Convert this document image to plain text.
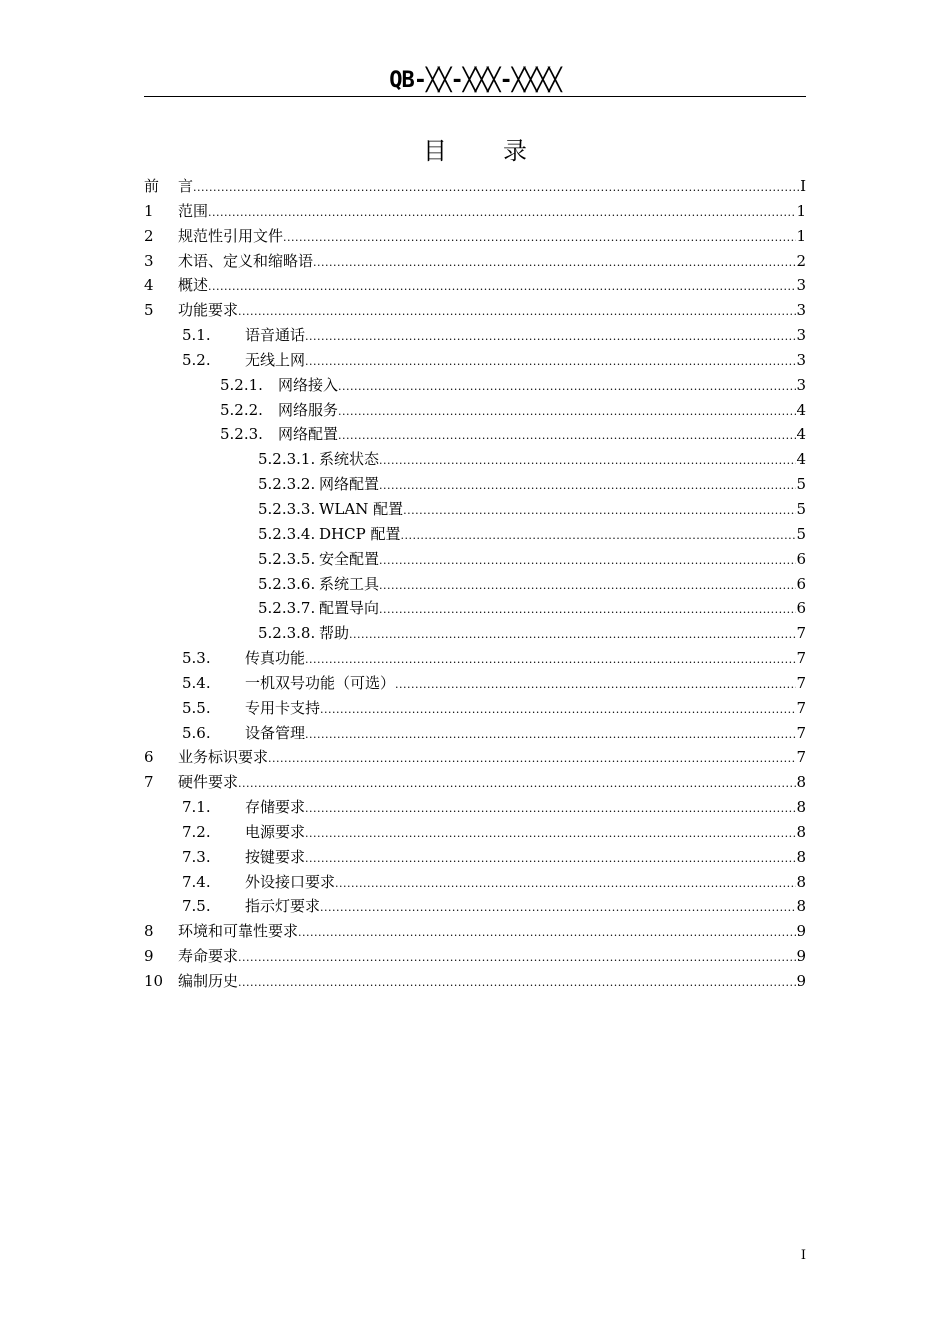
QB-╳╳-╳╳╳-╳╳╳╳
目 录
前	言 .....	I
1	范围 .....	1
2	规范性引用文件 .....	1
3	术语、定义和缩略语 .....	2
4	概述 .....	3
5	功能要求 .....	3
5.1.	语音通话 .....	3
5.2.	无线上网 .....	3
5.2.1.	网络接入 .....	3
5.2.2.	网络服务 .....	4
5.2.3.	网络配置 .....	4
5.2.3.1. 系统状态 .....	4
5.2.3.2. 网络配置 .....	5
5.2.3.3. WLAN 配置 .....	5
5.2.3.4. DHCP 配置 .....	5
5.2.3.5. 安全配置 .....	6
5.2.3.6. 系统工具 .....	6
5.2.3.7. 配置导向 .....	6
5.2.3.8. 帮助 .....	7
5.3.	传真功能 .....	7
5.4.	一机双号功能（可选） .....	7
5.5.	专用卡支持 .....	7
5.6.	设备管理 .....	7
6	业务标识要求 .....	7
7	硬件要求 .....	8
7.1.	存储要求 .....	8
7.2.	电源要求 .....	8
7.3.	按键要求 .....	8
7.4.	外设接口要求 .....	8
7.5.	指示灯要求 .....	8
8	环境和可靠性要求 .....	9
9	寿命要求 .....	9
10 编制历史 .....	9
I
